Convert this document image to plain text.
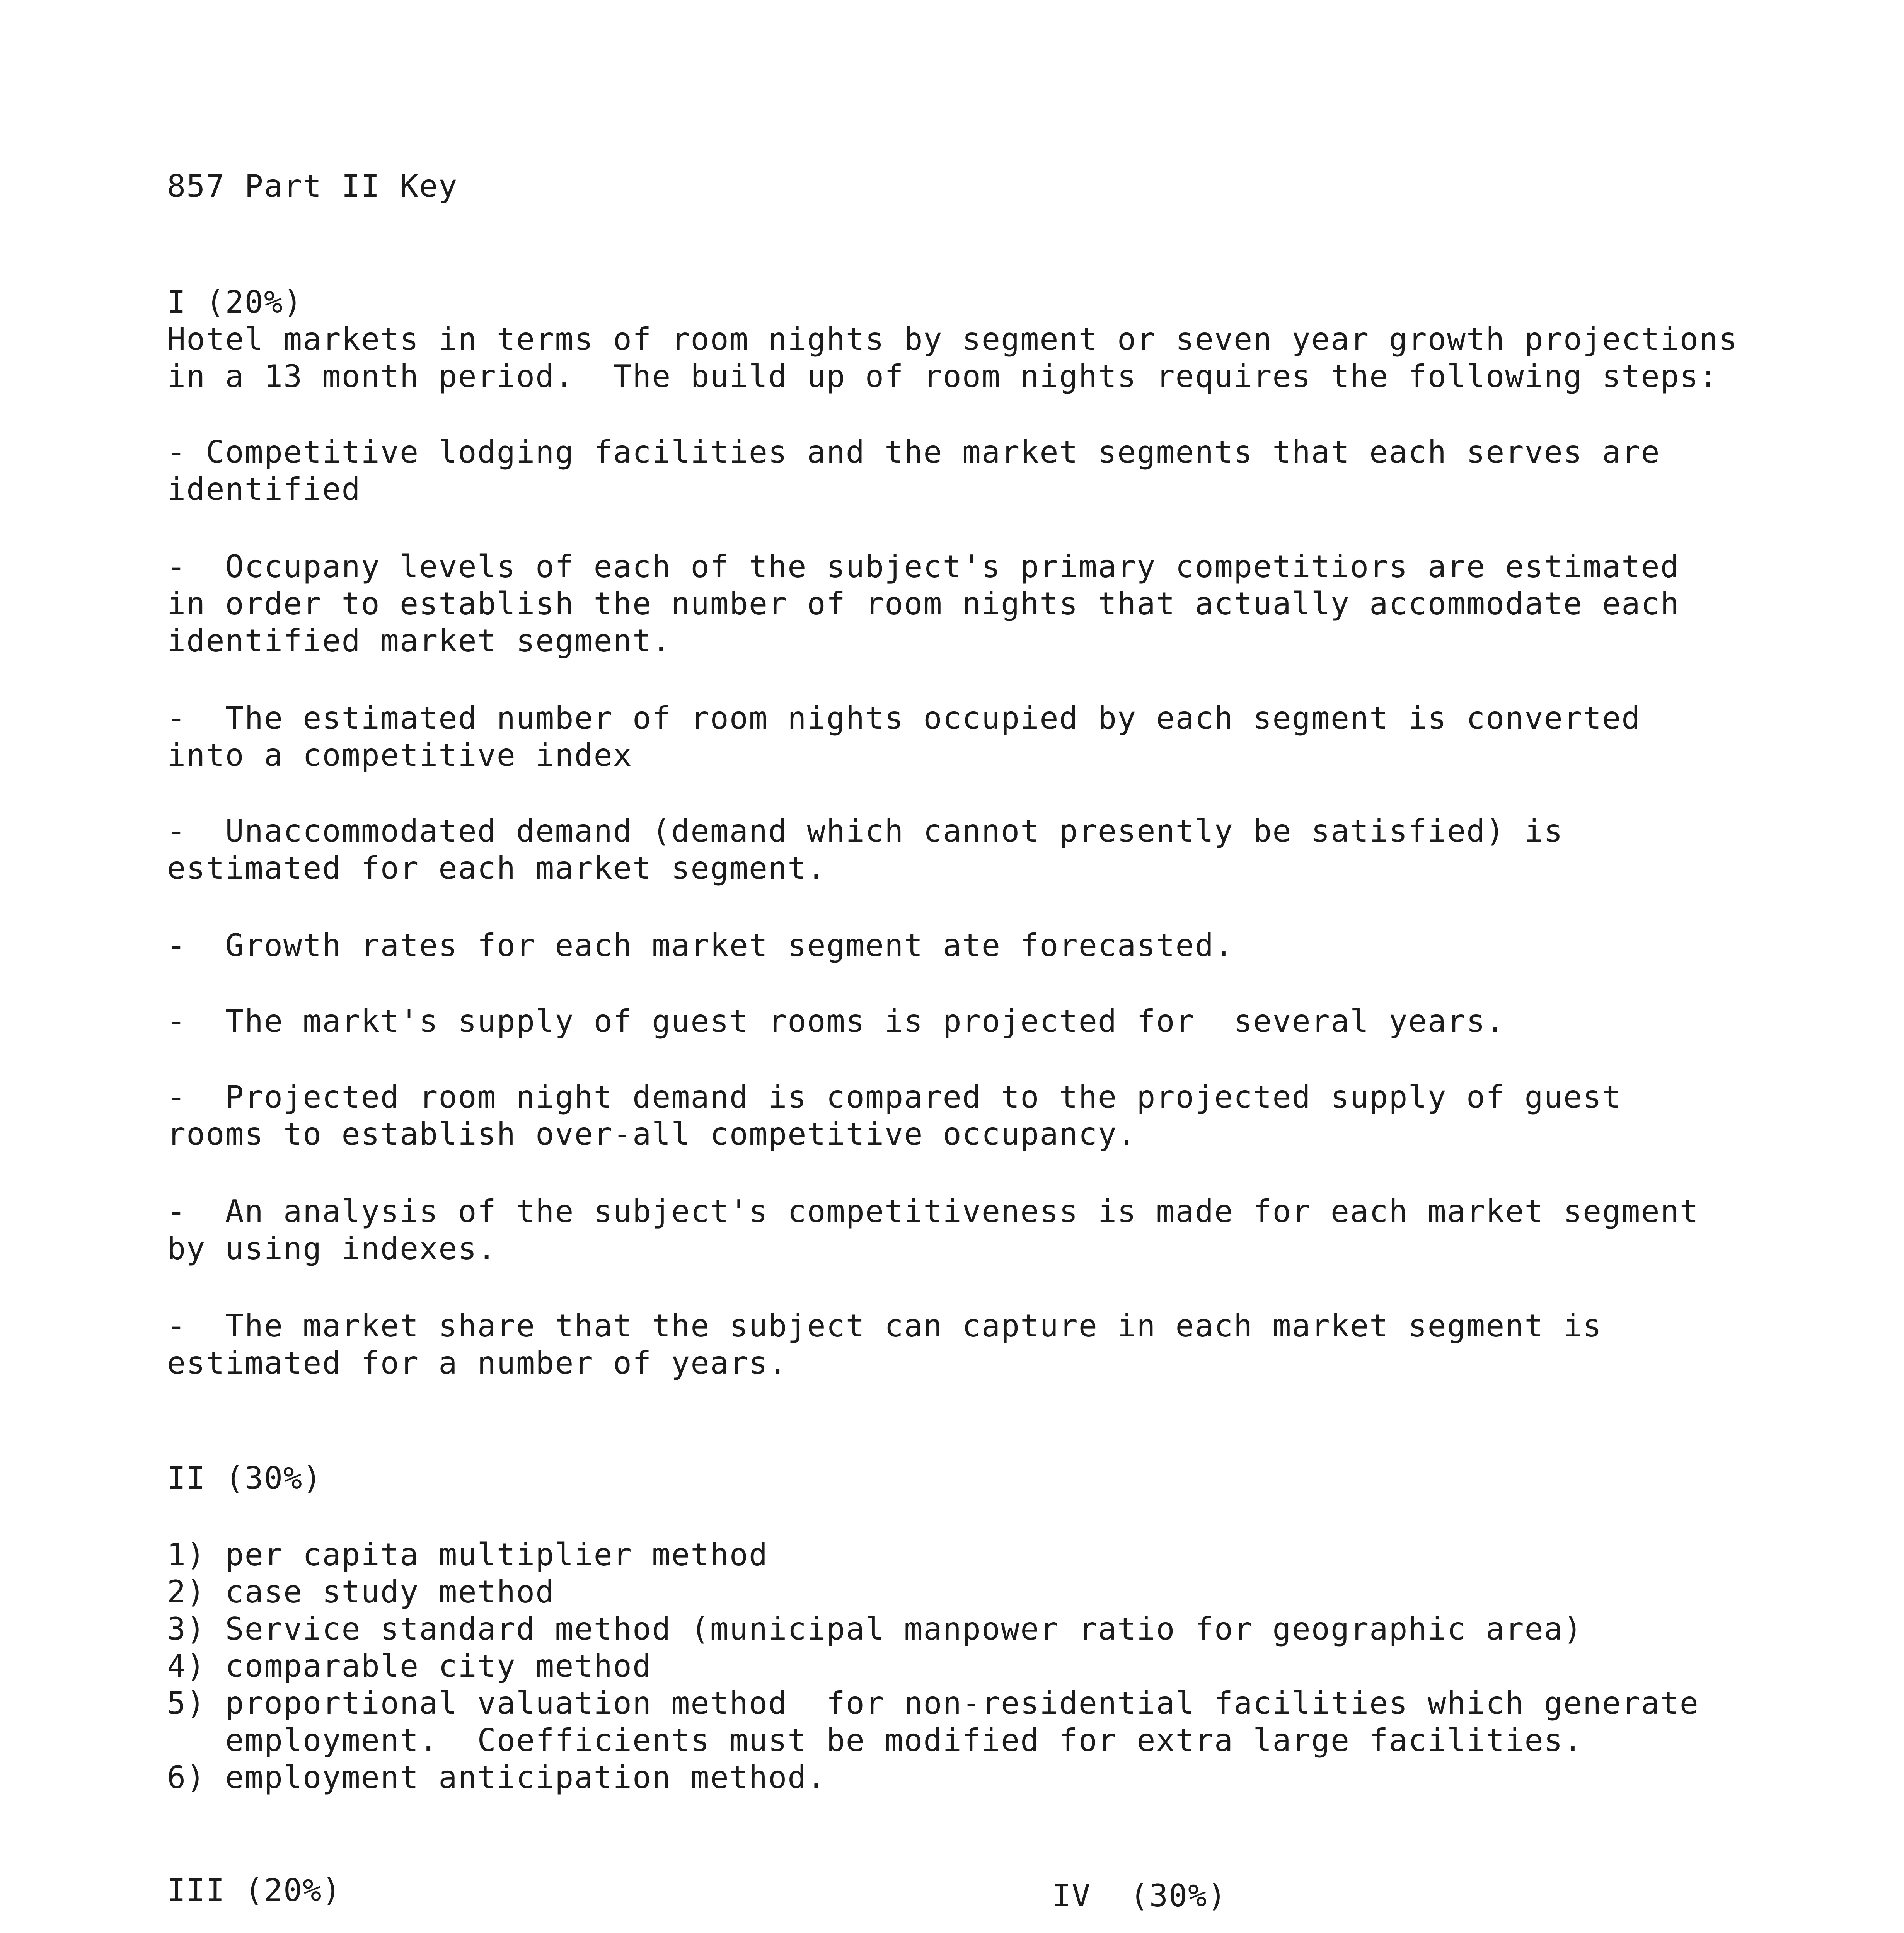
857 Part II Key

I (20%)

Hotel markets in terms of room nights by segment or seven year growth projections

in a 13 month period.  The build up of room nights requires the following steps:

- Competitive lodging facilities and the market segments that each serves are

identified

-  Occupany levels of each of the subject's primary competitiors are estimated

in order to establish the number of room nights that actually accommodate each

identified market segment.

-  The estimated number of room nights occupied by each segment is converted

into a competitive index

-  Unaccommodated demand (demand which cannot presently be satisfied) is

estimated for each market segment.

-  Growth rates for each market segment ate forecasted.

-  The markt's supply of guest rooms is projected for  several years.

-  Projected room night demand is compared to the projected supply of guest

rooms to establish over-all competitive occupancy.

-  An analysis of the subject's competitiveness is made for each market segment

by using indexes.

-  The market share that the subject can capture in each market segment is

estimated for a number of years.

II (30%)

1) per capita multiplier method

2) case study method

3) Service standard method (municipal manpower ratio for geographic area)

4) comparable city method

5) proportional valuation method  for non-residential facilities which generate

employment.  Coefficients must be modified for extra large facilities.

6) employment anticipation method.

III (20%)	IV  (30%)
